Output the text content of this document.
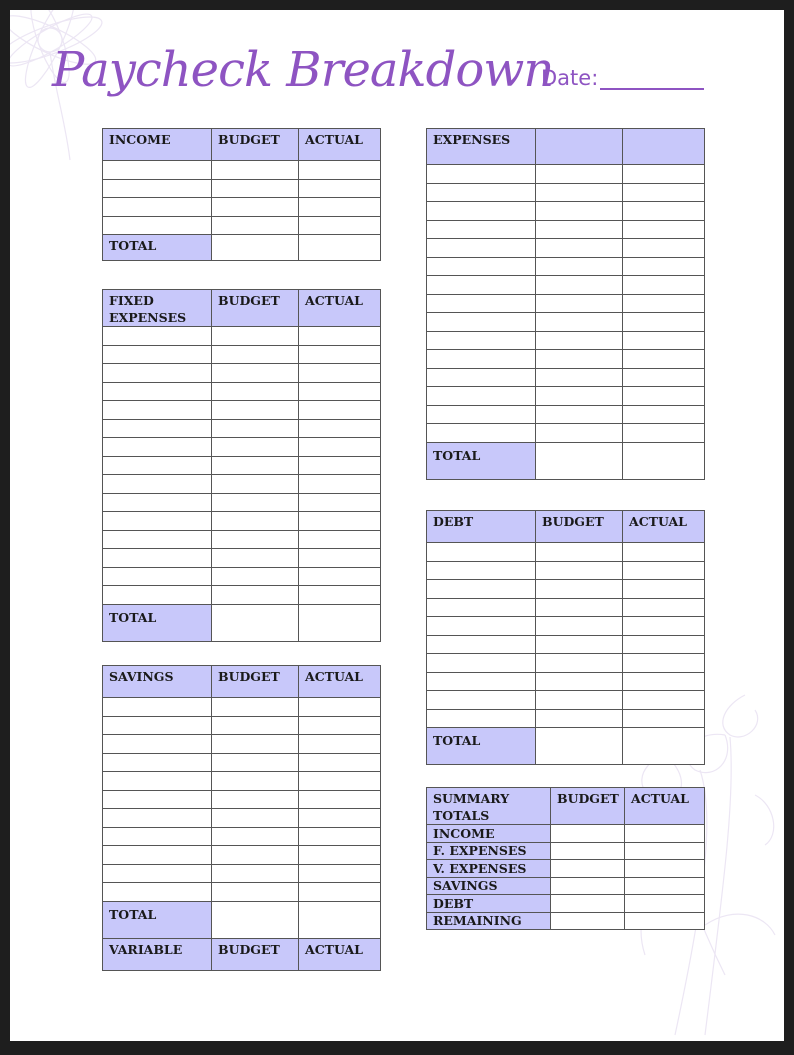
Paycheck Breakdown
Date:
INCOME	BUDGET	ACTUAL

TOTAL		
FIXED EXPENSES	BUDGET	ACTUAL

TOTAL		
SAVINGS	BUDGET	ACTUAL

TOTAL		
VARIABLE	BUDGET	ACTUAL
EXPENSES		

TOTAL		
DEBT	BUDGET	ACTUAL

TOTAL		
SUMMARY TOTALS	BUDGET	ACTUAL
INCOME		
F. EXPENSES		
V. EXPENSES		
SAVINGS		
DEBT		
REMAINING		
